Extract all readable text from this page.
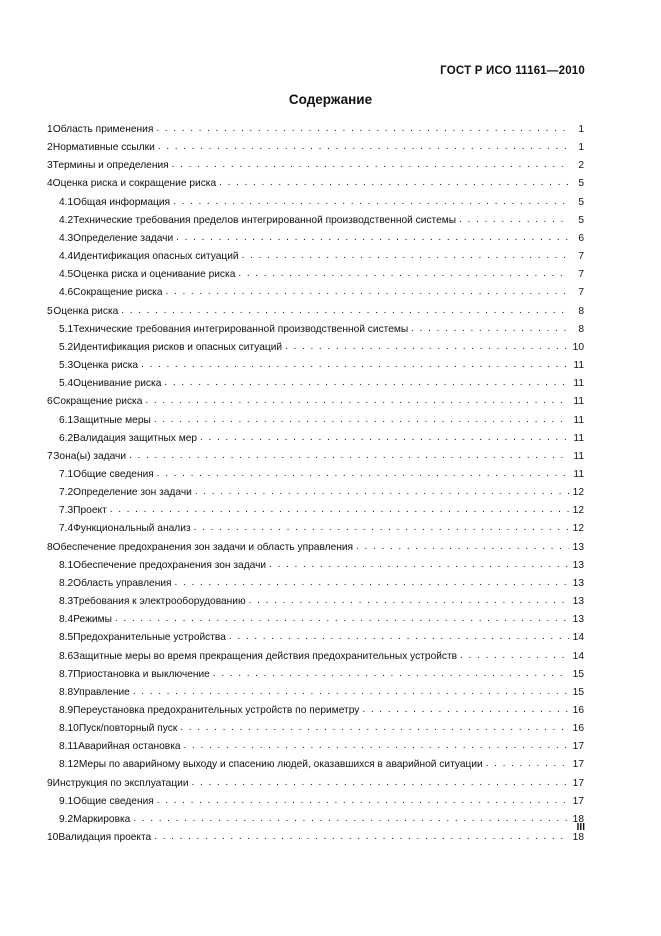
ГОСТ Р ИСО 11161—2010
Содержание
1 Область применения . . .	1
2 Нормативные ссылки . . .	1
3 Термины и определения . . .	2
4 Оценка риска и сокращение риска . . .	5
4.1 Общая информация . . .	5
4.2 Технические требования пределов интегрированной производственной системы . . .	5
4.3 Определение задачи . . .	6
4.4 Идентификация опасных ситуаций . . .	7
4.5 Оценка риска и оценивание риска . . .	7
4.6 Сокращение риска . . .	7
5 Оценка риска . . .	8
5.1 Технические требования интегрированной производственной системы . . .	8
5.2 Идентификация рисков и опасных ситуаций . . .	10
5.3 Оценка риска . . .	11
5.4 Оценивание риска . . .	11
6 Сокращение риска . . .	11
6.1 Защитные меры . . .	11
6.2 Валидация защитных мер . . .	11
7 Зона(ы) задачи . . .	11
7.1 Общие сведения . . .	11
7.2 Определение зон задачи . . .	12
7.3 Проект . . .	12
7.4 Функциональный анализ . . .	12
8 Обеспечение предохранения зон задачи и область управления . . .	13
8.1 Обеспечение предохранения зон задачи . . .	13
8.2 Область управления . . .	13
8.3 Требования к электрооборудованию . . .	13
8.4 Режимы . . .	13
8.5 Предохранительные устройства . . .	14
8.6 Защитные меры во время прекращения действия предохранительных устройств . . .	14
8.7 Приостановка и выключение . . .	15
8.8 Управление . . .	15
8.9 Переустановка предохранительных устройств по периметру . . .	16
8.10 Пуск/повторный пуск . . .	16
8.11 Аварийная остановка . . .	17
8.12 Меры по аварийному выходу и спасению людей, оказавшихся в аварийной ситуации . . .	17
9 Инструкция по эксплуатации . . .	17
9.1 Общие сведения . . .	17
9.2 Маркировка . . .	18
10 Валидация проекта . . .	18
III
